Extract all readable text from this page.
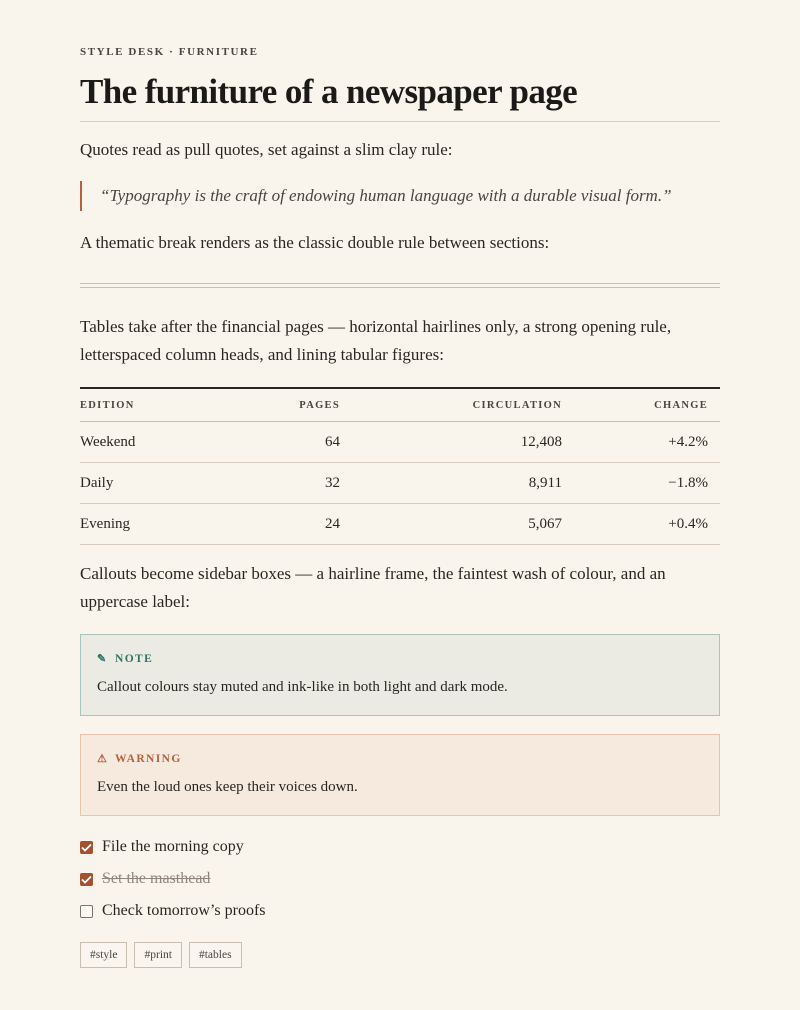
STYLE DESK · FURNITURE
The furniture of a newspaper page

Quotes read as pull quotes, set against a slim clay rule:

“Typography is the craft of endowing human language with a durable visual form.”

A thematic break renders as the classic double rule between sections:

Tables take after the financial pages — horizontal hairlines only, a strong opening rule, letterspaced column heads, and lining tabular figures:

EDITION	PAGES	CIRCULATION	CHANGE
Weekend	64	12,408	+4.2%
Daily	32	8,911	−1.8%
Evening	24	5,067	+0.4%

Callouts become sidebar boxes — a hairline frame, the faintest wash of colour, and an uppercase label:

✎ NOTE
Callout colours stay muted and ink-like in both light and dark mode.
⚠ WARNING
Even the loud ones keep their voices down.
File the morning copy
Set the masthead
Check tomorrow’s proofs
#style	#print	#tables
